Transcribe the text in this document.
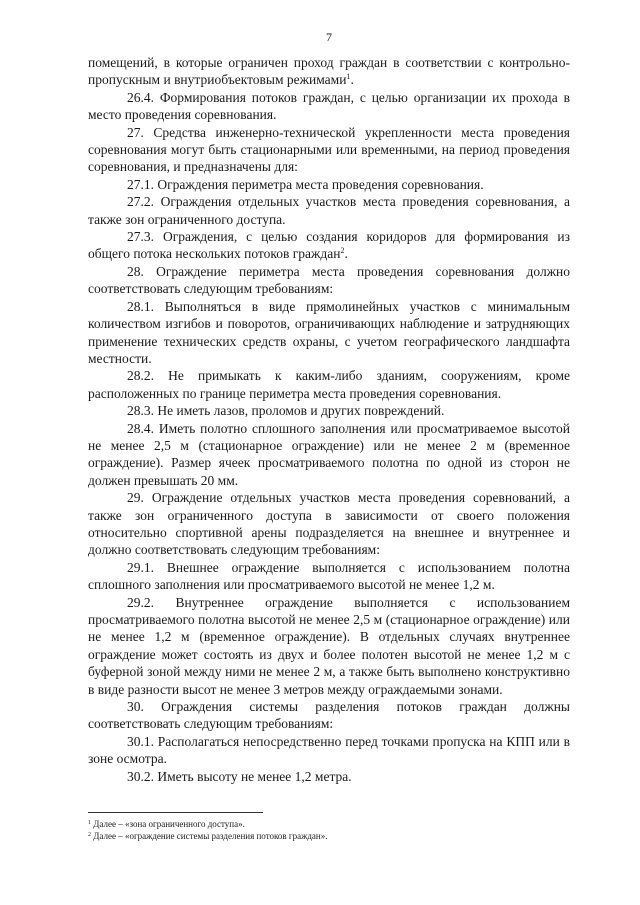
7

помещений, в которые ограничен проход граждан в соответствии с контрольно-пропускным и внутриобъектовым режимами$^1$.

26.4. Формирования потоков граждан, с целью организации их прохода в место проведения соревнования.

27. Средства инженерно-технической укрепленности места проведения соревнования могут быть стационарными или временными, на период проведения соревнования, и предназначены для:

27.1. Ограждения периметра места проведения соревнования.

27.2. Ограждения отдельных участков места проведения соревнования, а также зон ограниченного доступа.

27.3. Ограждения, с целью создания коридоров для формирования из общего потока нескольких потоков граждан$^2$.

28. Ограждение периметра места проведения соревнования должно соответствовать следующим требованиям:

28.1. Выполняться в виде прямолинейных участков с минимальным количеством изгибов и поворотов, ограничивающих наблюдение и затрудняющих применение технических средств охраны, с учетом географического ландшафта местности.

28.2. Не примыкать к каким-либо зданиям, сооружениям, кроме расположенных по границе периметра места проведения соревнования.

28.3. Не иметь лазов, проломов и других повреждений.

28.4. Иметь полотно сплошного заполнения или просматриваемое высотой не менее 2,5 м (стационарное ограждение) или не менее 2 м (временное ограждение). Размер ячеек просматриваемого полотна по одной из сторон не должен превышать 20 мм.

29. Ограждение отдельных участков места проведения соревнований, а также зон ограниченного доступа в зависимости от своего положения относительно спортивной арены подразделяется на внешнее и внутреннее и должно соответствовать следующим требованиям:

29.1. Внешнее ограждение выполняется с использованием полотна сплошного заполнения или просматриваемого высотой не менее 1,2 м.

29.2. Внутреннее ограждение выполняется с использованием просматриваемого полотна высотой не менее 2,5 м (стационарное ограждение) или не менее 1,2 м (временное ограждение). В отдельных случаях внутреннее ограждение может состоять из двух и более полотен высотой не менее 1,2 м с буферной зоной между ними не менее 2 м, а также быть выполнено конструктивно в виде разности высот не менее 3 метров между ограждаемыми зонами.

30. Ограждения системы разделения потоков граждан должны соответствовать следующим требованиям:

30.1. Располагаться непосредственно перед точками пропуска на КПП или в зоне осмотра.

30.2. Иметь высоту не менее 1,2 метра.

$^1$ Далее – «зона ограниченного доступа».
$^2$ Далее – «ограждение системы разделения потоков граждан».
